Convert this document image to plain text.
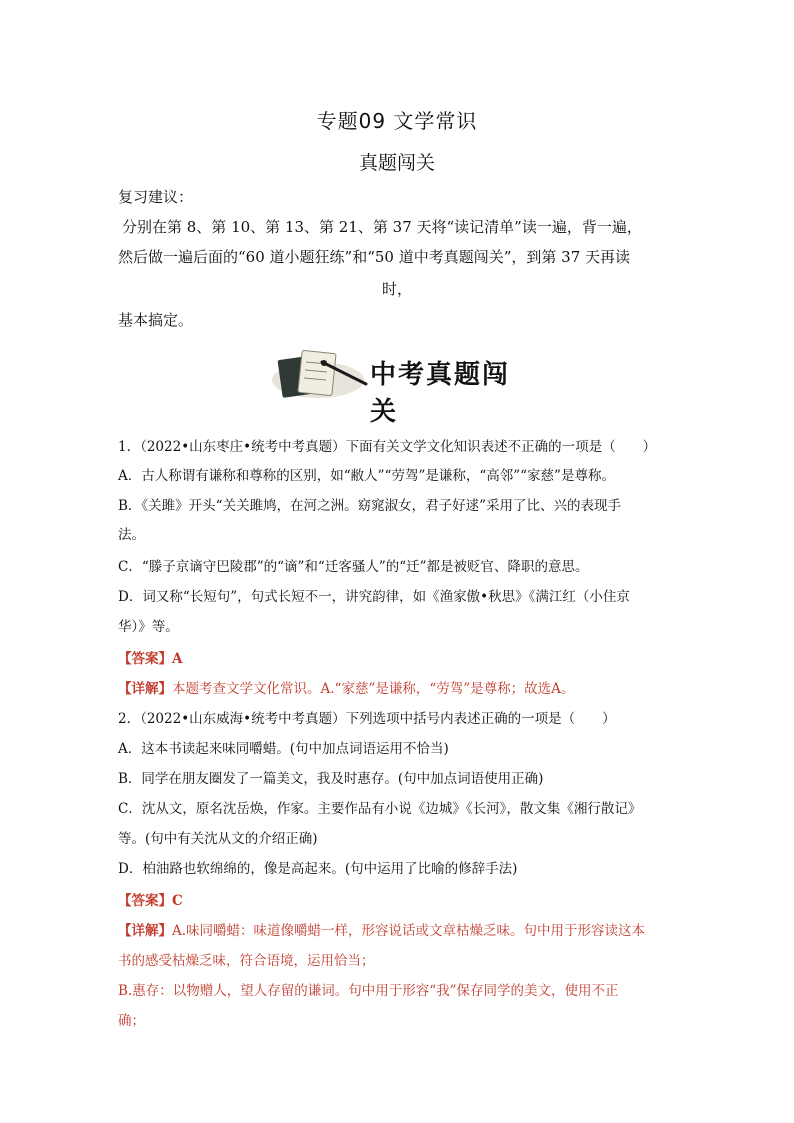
专题09 文学常识
真题闯关
复习建议：
分别在第 8、第 10、第 13、第 21、第 37 天将“读记清单”读一遍，背一遍，
然后做一遍后面的“60 道小题狂练”和“50 道中考真题闯关”，到第 37 天再读
时，
基本搞定。
中考真题闯关
1．（2022•山东枣庄•统考中考真题）下面有关文学文化知识表述不正确的一项是（　　）
A．古人称谓有谦称和尊称的区别，如“敝人”“劳驾”是谦称，“高邻”“家慈”是尊称。
B．《关雎》开头“关关雎鸠，在河之洲。窈窕淑女，君子好逑”采用了比、兴的表现手
法。
C．“滕子京谪守巴陵郡”的“谪”和“迁客骚人”的“迁”都是被贬官、降职的意思。
D．词又称“长短句”，句式长短不一，讲究韵律，如《渔家傲•秋思》《满江红（小住京
华）》等。
【答案】A
【详解】本题考查文学文化常识。A.“家慈”是谦称，“劳驾”是尊称；故选A。
2．（2022•山东威海•统考中考真题）下列选项中括号内表述正确的一项是（　　）
A．这本书读起来味同嚼蜡。(句中加点词语运用不恰当)
B．同学在朋友圈发了一篇美文，我及时惠存。(句中加点词语使用正确)
C．沈从文，原名沈岳焕，作家。主要作品有小说《边城》《长河》，散文集《湘行散记》
等。(句中有关沈从文的介绍正确)
D．柏油路也软绵绵的，像是高起来。(句中运用了比喻的修辞手法)
【答案】C
【详解】A.味同嚼蜡：味道像嚼蜡一样，形容说话或文章枯燥乏味。句中用于形容读这本
书的感受枯燥乏味，符合语境，运用恰当；
B.惠存：以物赠人，望人存留的谦词。句中用于形容“我”保存同学的美文，使用不正
确；
